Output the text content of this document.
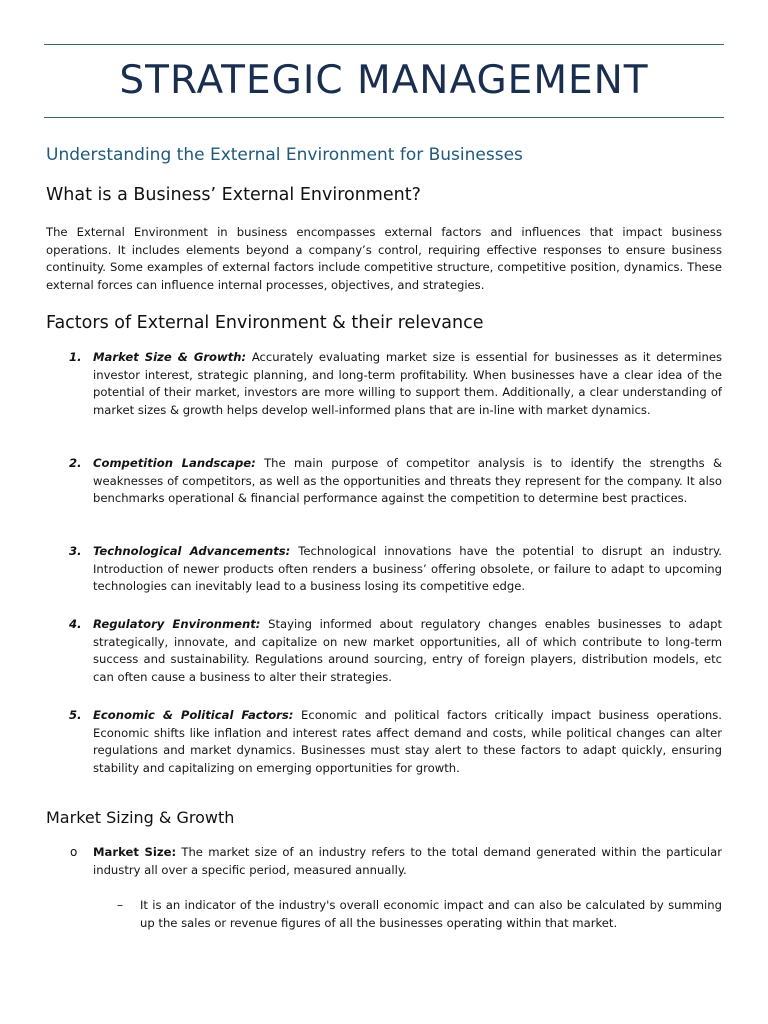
STRATEGIC MANAGEMENT
Understanding the External Environment for Businesses
What is a Business’ External Environment?
The External Environment in business encompasses external factors and influences that impact business operations. It includes elements beyond a company’s control, requiring effective responses to ensure business continuity. Some examples of external factors include competitive structure, competitive position, dynamics. These external forces can influence internal processes, objectives, and strategies.
Factors of External Environment & their relevance
1. Market Size & Growth: Accurately evaluating market size is essential for businesses as it determines investor interest, strategic planning, and long-term profitability. When businesses have a clear idea of the potential of their market, investors are more willing to support them. Additionally, a clear understanding of market sizes & growth helps develop well-informed plans that are in-line with market dynamics.
2. Competition Landscape: The main purpose of competitor analysis is to identify the strengths & weaknesses of competitors, as well as the opportunities and threats they represent for the company. It also benchmarks operational & financial performance against the competition to determine best practices.
3. Technological Advancements: Technological innovations have the potential to disrupt an industry. Introduction of newer products often renders a business’ offering obsolete, or failure to adapt to upcoming technologies can inevitably lead to a business losing its competitive edge.
4. Regulatory Environment: Staying informed about regulatory changes enables businesses to adapt strategically, innovate, and capitalize on new market opportunities, all of which contribute to long-term success and sustainability. Regulations around sourcing, entry of foreign players, distribution models, etc can often cause a business to alter their strategies.
5. Economic & Political Factors: Economic and political factors critically impact business operations. Economic shifts like inflation and interest rates affect demand and costs, while political changes can alter regulations and market dynamics. Businesses must stay alert to these factors to adapt quickly, ensuring stability and capitalizing on emerging opportunities for growth.
Market Sizing & Growth
o Market Size: The market size of an industry refers to the total demand generated within the particular industry all over a specific period, measured annually.
– It is an indicator of the industry's overall economic impact and can also be calculated by summing up the sales or revenue figures of all the businesses operating within that market.
